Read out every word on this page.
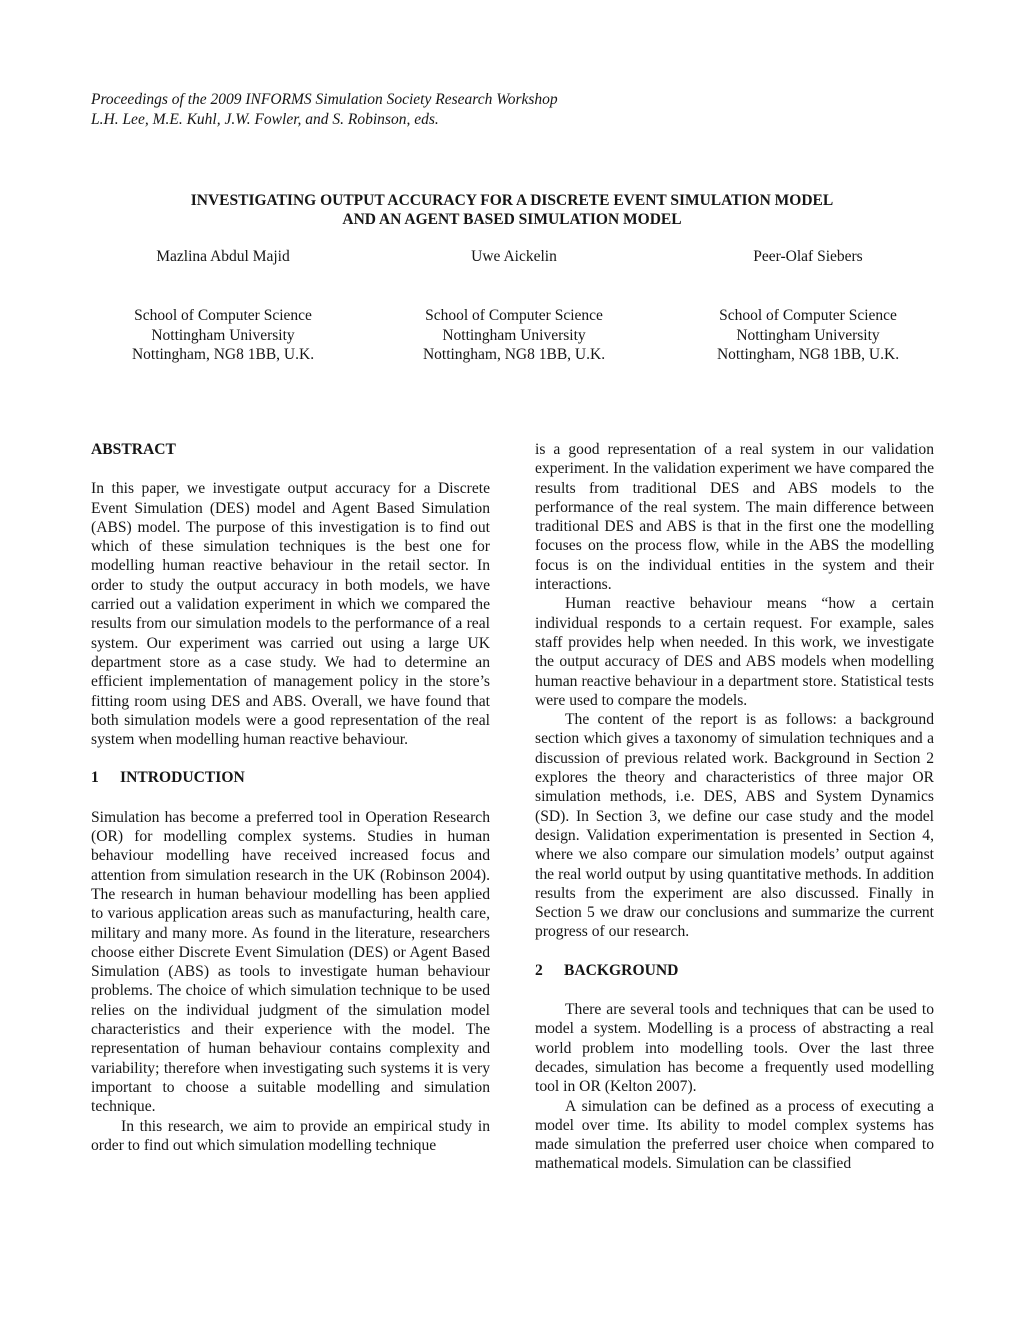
Proceedings of the 2009 INFORMS Simulation Society Research Workshop
L.H. Lee, M.E. Kuhl, J.W. Fowler, and S. Robinson, eds.
INVESTIGATING OUTPUT ACCURACY FOR A DISCRETE EVENT SIMULATION MODEL
AND AN AGENT BASED SIMULATION MODEL
Mazlina Abdul Majid	Uwe Aickelin	Peer-Olaf Siebers
School of Computer Science
Nottingham University
Nottingham, NG8 1BB, U.K.
School of Computer Science
Nottingham University
Nottingham, NG8 1BB, U.K.
School of Computer Science
Nottingham University
Nottingham, NG8 1BB, U.K.
ABSTRACT

In this paper, we investigate output accuracy for a Discrete Event Simulation (DES) model and Agent Based Simulation (ABS) model. The purpose of this investigation is to find out which of these simulation techniques is the best one for modelling human reactive behaviour in the retail sector. In order to study the output accuracy in both models, we have carried out a validation experiment in which we compared the results from our simulation models to the performance of a real system. Our experiment was carried out using a large UK department store as a case study. We had to determine an efficient implementation of management policy in the store’s fitting room using DES and ABS. Overall, we have found that both simulation models were a good representation of the real system when modelling human reactive behaviour.

1 INTRODUCTION

Simulation has become a preferred tool in Operation Research (OR) for modelling complex systems. Studies in human behaviour modelling have received increased focus and attention from simulation research in the UK (Robinson 2004). The research in human behaviour modelling has been applied to various application areas such as manufacturing, health care, military and many more. As found in the literature, researchers choose either Discrete Event Simulation (DES) or Agent Based Simulation (ABS) as tools to investigate human behaviour problems. The choice of which simulation technique to be used relies on the individual judgment of the simulation model characteristics and their experience with the model. The representation of human behaviour contains complexity and variability; therefore when investigating such systems it is very important to choose a suitable modelling and simulation technique.

In this research, we aim to provide an empirical study in order to find out which simulation modelling technique

is a good representation of a real system in our validation experiment. In the validation experiment we have compared the results from traditional DES and ABS models to the performance of the real system. The main difference between traditional DES and ABS is that in the first one the modelling focuses on the process flow, while in the ABS the modelling focus is on the individual entities in the system and their interactions.

Human reactive behaviour means “how a certain individual responds to a certain request. For example, sales staff provides help when needed. In this work, we investigate the output accuracy of DES and ABS models when modelling human reactive behaviour in a department store. Statistical tests were used to compare the models.

The content of the report is as follows: a background section which gives a taxonomy of simulation techniques and a discussion of previous related work. Background in Section 2 explores the theory and characteristics of three major OR simulation methods, i.e. DES, ABS and System Dynamics (SD). In Section 3, we define our case study and the model design. Validation experimentation is presented in Section 4, where we also compare our simulation models’ output against the real world output by using quantitative methods. In addition results from the experiment are also discussed. Finally in Section 5 we draw our conclusions and summarize the current progress of our research.

2 BACKGROUND

There are several tools and techniques that can be used to model a system. Modelling is a process of abstracting a real world problem into modelling tools. Over the last three decades, simulation has become a frequently used modelling tool in OR (Kelton 2007).

A simulation can be defined as a process of executing a model over time. Its ability to model complex systems has made simulation the preferred user choice when compared to mathematical models. Simulation can be classified
